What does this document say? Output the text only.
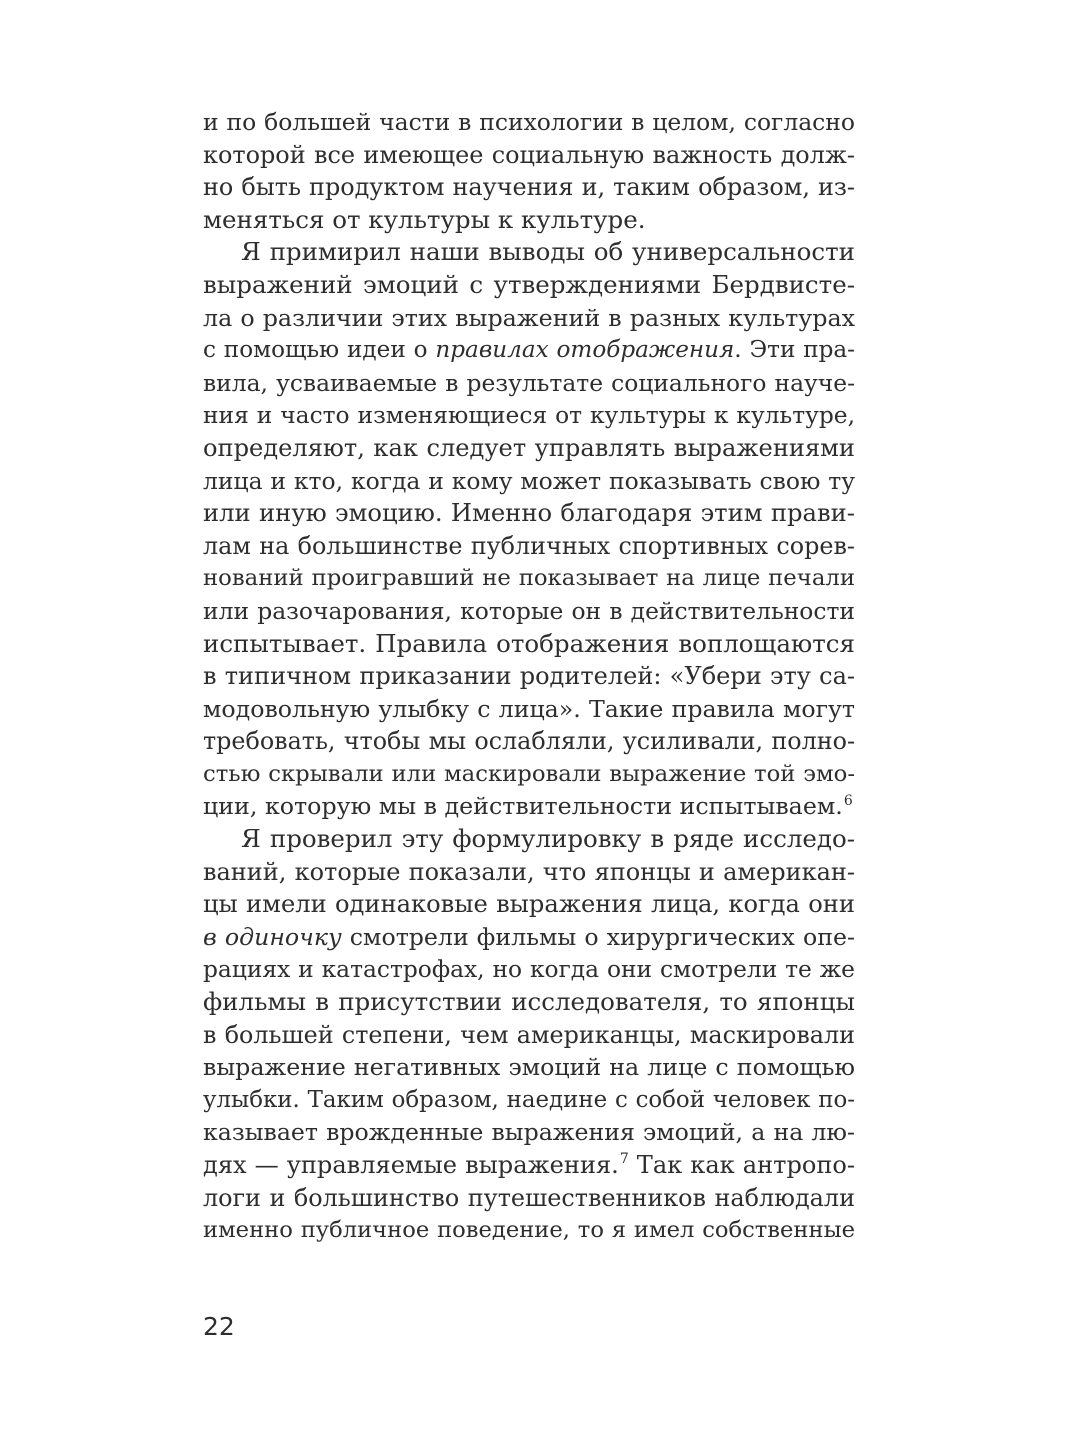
и по большей части в психологии в целом, согласно
которой все имеющее социальную важность долж-
но быть продуктом научения и, таким образом, из-
меняться от культуры к культуре.
Я примирил наши выводы об универсальности
выражений эмоций с утверждениями Бердвисте-
ла о различии этих выражений в разных культурах
с помощью идеи о правилах отображения. Эти пра-
вила, усваиваемые в результате социального науче-
ния и часто изменяющиеся от культуры к культуре,
определяют, как следует управлять выражениями
лица и кто, когда и кому может показывать свою ту
или иную эмоцию. Именно благодаря этим прави-
лам на большинстве публичных спортивных сорев-
нований проигравший не показывает на лице печали
или разочарования, которые он в действительности
испытывает. Правила отображения воплощаются
в типичном приказании родителей: «Убери эту са-
модовольную улыбку с лица». Такие правила могут
требовать, чтобы мы ослабляли, усиливали, полно-
стью скрывали или маскировали выражение той эмо-
ции, которую мы в действительности испытываем.$^6$
Я проверил эту формулировку в ряде исследо-
ваний, которые показали, что японцы и американ-
цы имели одинаковые выражения лица, когда они
в одиночку смотрели фильмы о хирургических опе-
рациях и катастрофах, но когда они смотрели те же
фильмы в присутствии исследователя, то японцы
в большей степени, чем американцы, маскировали
выражение негативных эмоций на лице с помощью
улыбки. Таким образом, наедине с собой человек по-
казывает врожденные выражения эмоций, а на лю-
дях — управляемые выражения.$^7$ Так как антропо-
логи и большинство путешественников наблюдали
именно публичное поведение, то я имел собственные
22
